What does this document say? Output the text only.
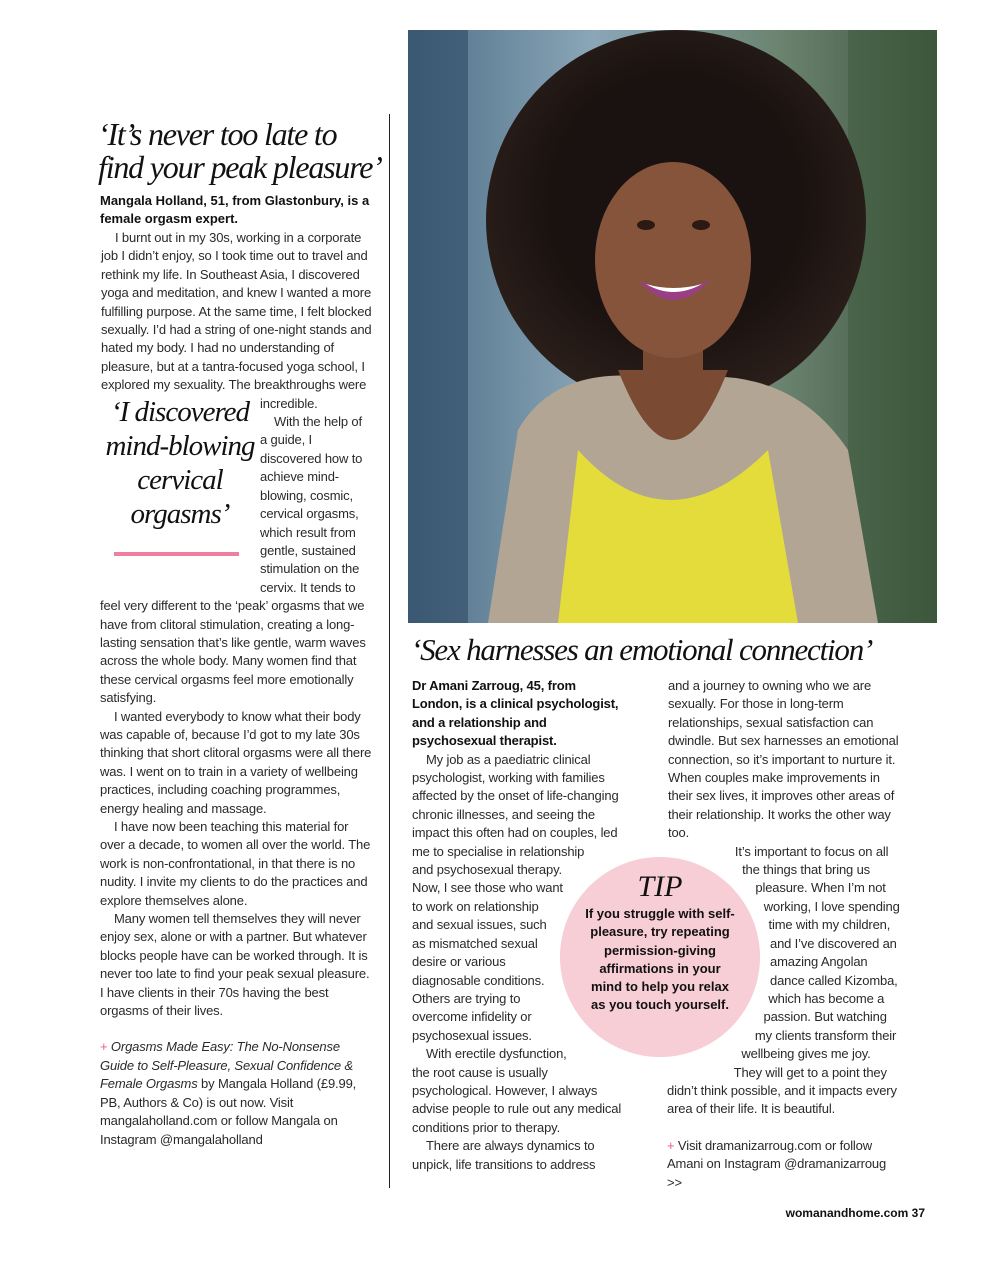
‘It’s never too late to find your peak pleasure’
Mangala Holland, 51, from Glastonbury, is a female orgasm expert.
‘I discovered mind-blowing cervical orgasms’

I burnt out in my 30s, working in a corporate job I didn’t enjoy, so I took time out to travel and rethink my life. In Southeast Asia, I discovered yoga and meditation, and knew I wanted a more fulfilling purpose. At the same time, I felt blocked sexually. I’d had a string of one-night stands and hated my body. I had no understanding of pleasure, but at a tantra-focused yoga school, I explored my sexuality. The breakthroughs were incredible.

With the help of a guide, I discovered how to achieve mind-blowing, cosmic, cervical orgasms, which result from gentle, sustained stimulation on the cervix. It tends to feel very different to the ‘peak’ orgasms that we have from clitoral stimulation, creating a long-lasting sensation that’s like gentle, warm waves across the whole body. Many women find that these cervical orgasms feel more emotionally satisfying.

I wanted everybody to know what their body was capable of, because I’d got to my late 30s thinking that short clitoral orgasms were all there was. I went on to train in a variety of wellbeing practices, including coaching programmes, energy healing and massage.

I have now been teaching this material for over a decade, to women all over the world. The work is non-confrontational, in that there is no nudity. I invite my clients to do the practices and explore themselves alone.

Many women tell themselves they will never enjoy sex, alone or with a partner. But whatever blocks people have can be worked through. It is never too late to find your peak sexual pleasure. I have clients in their 70s having the best orgasms of their lives.

+ Orgasms Made Easy: The No-Nonsense Guide to Self-Pleasure, Sexual Confidence & Female Orgasms by Mangala Holland (£9.99, PB, Authors & Co) is out now. Visit mangalaholland.com or follow Mangala on Instagram @mangalaholland

‘Sex harnesses an emotional connection’
TIP

If you struggle with self-pleasure, try repeating permission-giving affirmations in your mind to help you relax as you touch yourself.

Dr Amani Zarroug, 45, from London, is a clinical psychologist, and a relationship and psychosexual therapist.

My job as a paediatric clinical psychologist, working with families affected by the onset of life-changing chronic illnesses, and seeing the impact this often had on couples, led me to specialise in relationship and psychosexual therapy. Now, I see those who want to work on relationship and sexual issues, such as mismatched sexual desire or various diagnosable conditions. Others are trying to overcome infidelity or psychosexual issues.

With erectile dysfunction, the root cause is usually psychological. However, I always advise people to rule out any medical conditions prior to therapy.

There are always dynamics to unpick, life transitions to address

and a journey to owning who we are sexually. For those in long-term relationships, sexual satisfaction can dwindle. But sex harnesses an emotional connection, so it’s important to nurture it. When couples make improvements in their sex lives, it improves other areas of their relationship. It works the other way too.

It’s important to focus on all the things that bring us pleasure. When I’m not working, I love spending time with my children, and I’ve discovered an amazing Angolan dance called Kizomba, which has become a passion. But watching my clients transform their wellbeing gives me joy.

They will get to a point they didn’t think possible, and it impacts every area of their life. It is beautiful.

+ Visit dramanizarroug.com or follow Amani on Instagram @dramanizarroug >>

womanandhome.com 37
